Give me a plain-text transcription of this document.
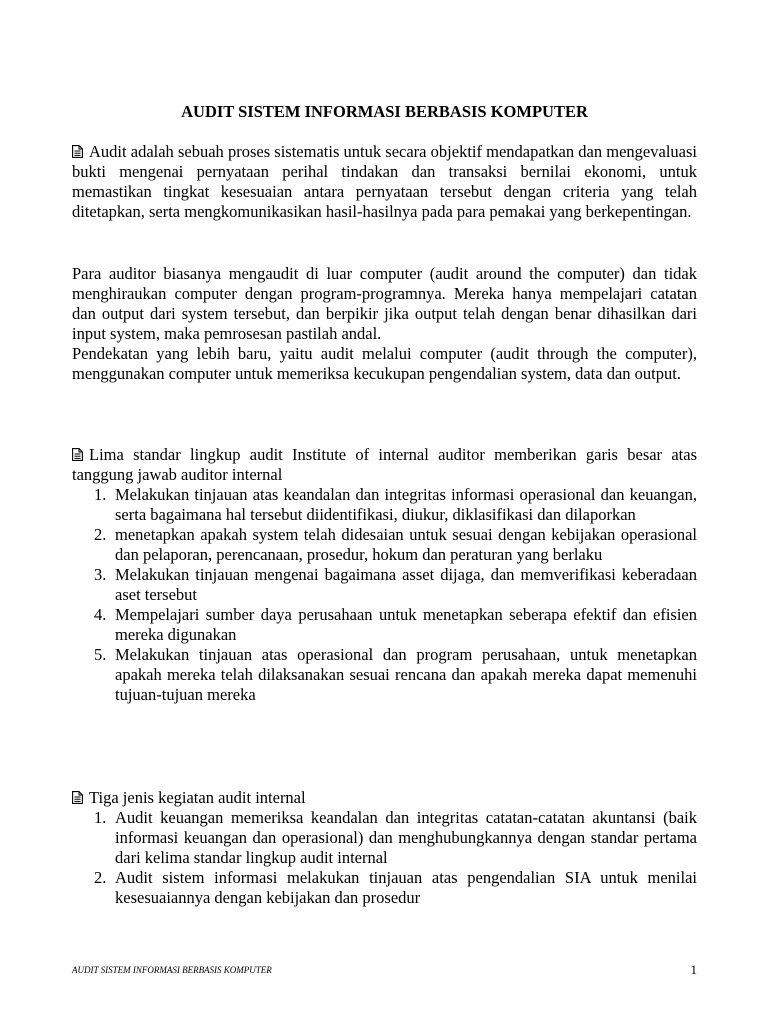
AUDIT SISTEM INFORMASI BERBASIS KOMPUTER

Audit adalah sebuah proses sistematis untuk secara objektif mendapatkan dan mengevaluasi bukti mengenai pernyataan perihal tindakan dan transaksi bernilai ekonomi, untuk memastikan tingkat kesesuaian antara pernyataan tersebut dengan criteria yang telah ditetapkan, serta mengkomunikasikan hasil-hasilnya pada para pemakai yang berkepentingan.

Para auditor biasanya mengaudit di luar computer (audit around the computer) dan tidak menghiraukan computer dengan program-programnya. Mereka hanya mempelajari catatan dan output dari system tersebut, dan berpikir jika output telah dengan benar dihasilkan dari input system, maka pemrosesan pastilah andal.

Pendekatan yang lebih baru, yaitu audit melalui computer (audit through the computer), menggunakan computer untuk memeriksa kecukupan pengendalian system, data dan output.

Lima standar lingkup audit Institute of internal auditor memberikan garis besar atas tanggung jawab auditor internal

1. Melakukan tinjauan atas keandalan dan integritas informasi operasional dan keuangan, serta bagaimana hal tersebut diidentifikasi, diukur, diklasifikasi dan dilaporkan
2. menetapkan apakah system telah didesaian untuk sesuai dengan kebijakan operasional dan pelaporan, perencanaan, prosedur, hokum dan peraturan yang berlaku
3. Melakukan tinjauan mengenai bagaimana asset dijaga, dan memverifikasi keberadaan aset tersebut
4. Mempelajari sumber daya perusahaan untuk menetapkan seberapa efektif dan efisien mereka digunakan
5. Melakukan tinjauan atas operasional dan program perusahaan, untuk menetapkan apakah mereka telah dilaksanakan sesuai rencana dan apakah mereka dapat memenuhi tujuan-tujuan mereka

Tiga jenis kegiatan audit internal

1. Audit keuangan memeriksa keandalan dan integritas catatan-catatan akuntansi (baik informasi keuangan dan operasional) dan menghubungkannya dengan standar pertama dari kelima standar lingkup audit internal
2. Audit sistem informasi melakukan tinjauan atas pengendalian SIA untuk menilai kesesuaiannya dengan kebijakan dan prosedur
AUDIT SISTEM INFORMASI BERBASIS KOMPUTER	1
